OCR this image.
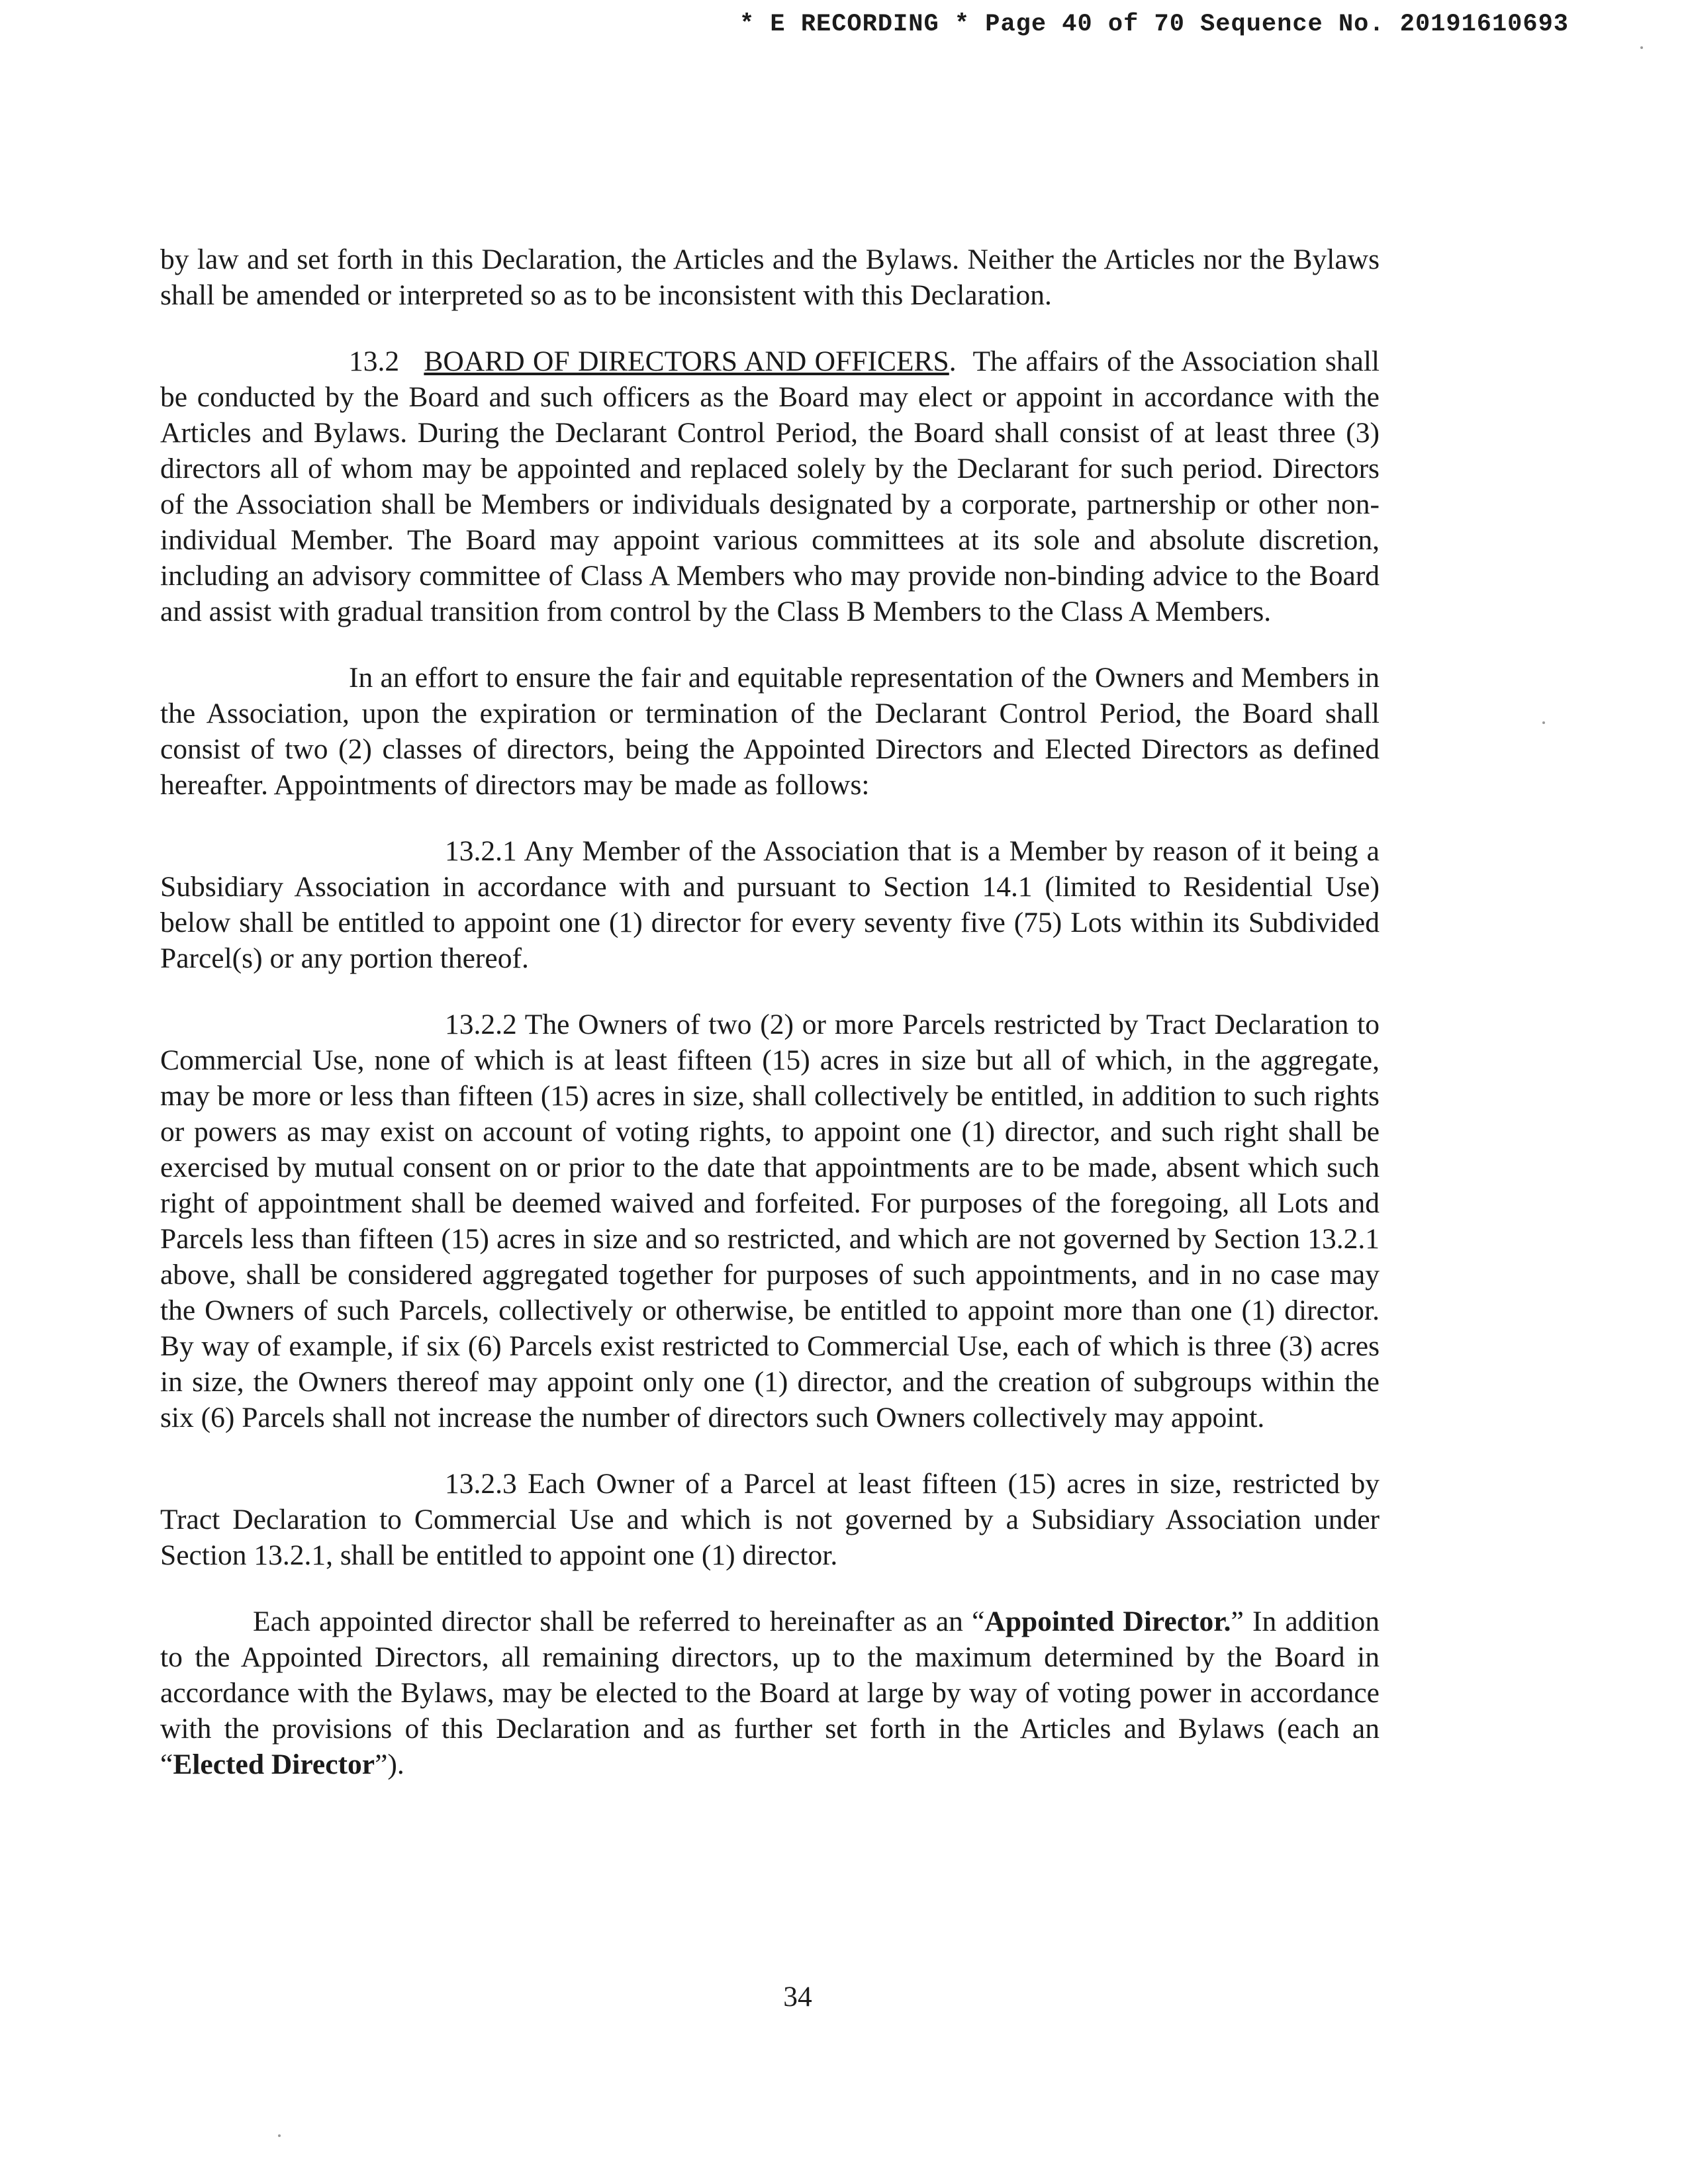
* E RECORDING * Page 40 of 70 Sequence No. 20191610693

by law and set forth in this Declaration, the Articles and the Bylaws. Neither the Articles nor the Bylaws shall be amended or interpreted so as to be inconsistent with this Declaration.

13.2 BOARD OF DIRECTORS AND OFFICERS. The affairs of the Association shall be conducted by the Board and such officers as the Board may elect or appoint in accordance with the Articles and Bylaws. During the Declarant Control Period, the Board shall consist of at least three (3) directors all of whom may be appointed and replaced solely by the Declarant for such period. Directors of the Association shall be Members or individuals designated by a corporate, partnership or other non-individual Member. The Board may appoint various committees at its sole and absolute discretion, including an advisory committee of Class A Members who may provide non-binding advice to the Board and assist with gradual transition from control by the Class B Members to the Class A Members.

In an effort to ensure the fair and equitable representation of the Owners and Members in the Association, upon the expiration or termination of the Declarant Control Period, the Board shall consist of two (2) classes of directors, being the Appointed Directors and Elected Directors as defined hereafter. Appointments of directors may be made as follows:

13.2.1 Any Member of the Association that is a Member by reason of it being a Subsidiary Association in accordance with and pursuant to Section 14.1 (limited to Residential Use) below shall be entitled to appoint one (1) director for every seventy five (75) Lots within its Subdivided Parcel(s) or any portion thereof.

13.2.2 The Owners of two (2) or more Parcels restricted by Tract Declaration to Commercial Use, none of which is at least fifteen (15) acres in size but all of which, in the aggregate, may be more or less than fifteen (15) acres in size, shall collectively be entitled, in addition to such rights or powers as may exist on account of voting rights, to appoint one (1) director, and such right shall be exercised by mutual consent on or prior to the date that appointments are to be made, absent which such right of appointment shall be deemed waived and forfeited. For purposes of the foregoing, all Lots and Parcels less than fifteen (15) acres in size and so restricted, and which are not governed by Section 13.2.1 above, shall be considered aggregated together for purposes of such appointments, and in no case may the Owners of such Parcels, collectively or otherwise, be entitled to appoint more than one (1) director. By way of example, if six (6) Parcels exist restricted to Commercial Use, each of which is three (3) acres in size, the Owners thereof may appoint only one (1) director, and the creation of subgroups within the six (6) Parcels shall not increase the number of directors such Owners collectively may appoint.

13.2.3 Each Owner of a Parcel at least fifteen (15) acres in size, restricted by Tract Declaration to Commercial Use and which is not governed by a Subsidiary Association under Section 13.2.1, shall be entitled to appoint one (1) director.

Each appointed director shall be referred to hereinafter as an “Appointed Director.” In addition to the Appointed Directors, all remaining directors, up to the maximum determined by the Board in accordance with the Bylaws, may be elected to the Board at large by way of voting power in accordance with the provisions of this Declaration and as further set forth in the Articles and Bylaws (each an “Elected Director”).

34
